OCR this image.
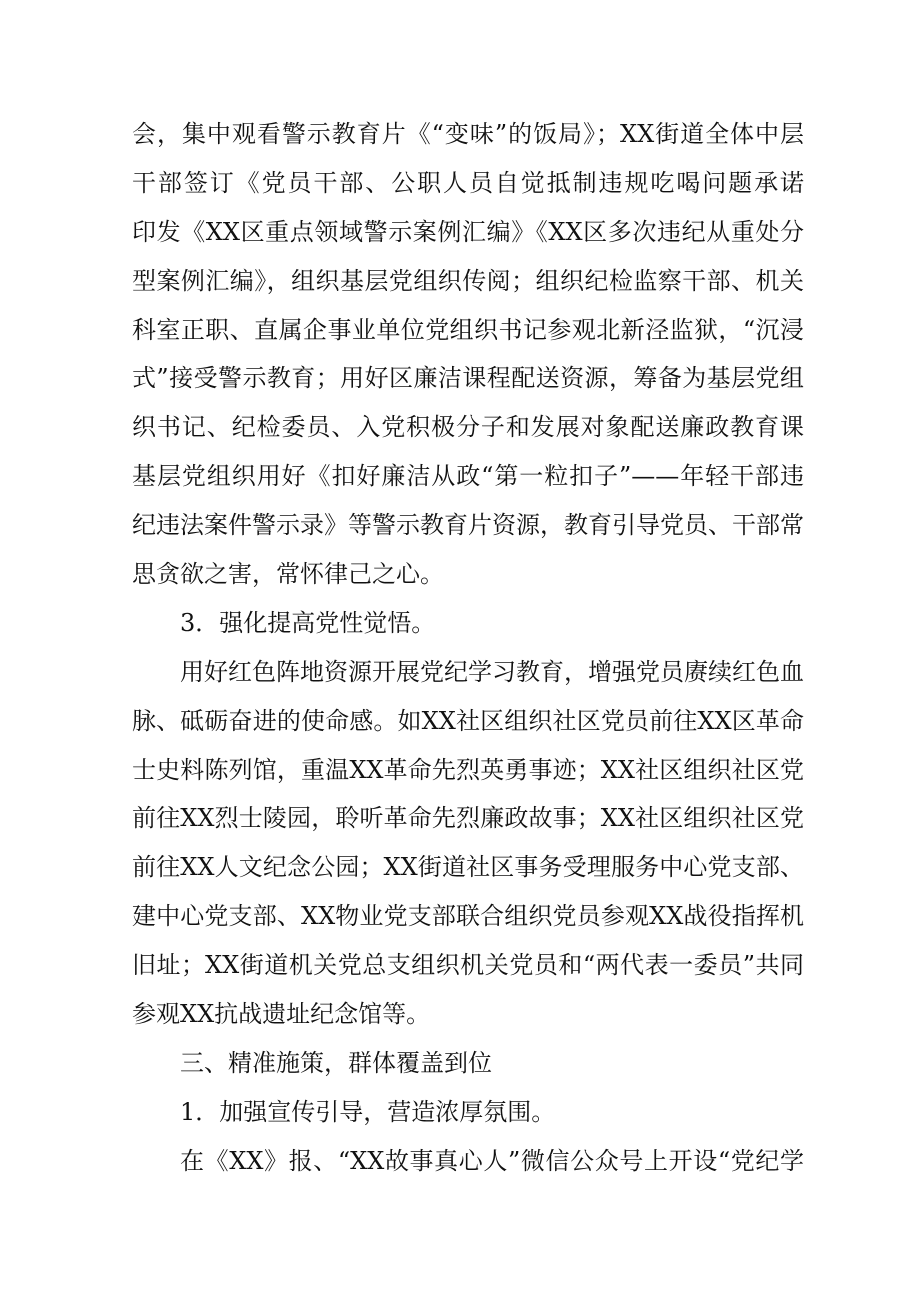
会，集中观看警示教育片《“变味”的饭局》；XX街道全体中层
干部签订《党员干部、公职人员自觉抵制违规吃喝问题承诺
印发《XX区重点领域警示案例汇编》《XX区多次违纪从重处分
型案例汇编》，组织基层党组织传阅；组织纪检监察干部、机关
科室正职、直属企事业单位党组织书记参观北新泾监狱，“沉浸
式”接受警示教育；用好区廉洁课程配送资源，筹备为基层党组
织书记、纪检委员、入党积极分子和发展对象配送廉政教育课
基层党组织用好《扣好廉洁从政“第一粒扣子”——年轻干部违
纪违法案件警示录》等警示教育片资源，教育引导党员、干部常
思贪欲之害，常怀律己之心。
3．强化提高党性觉悟。
用好红色阵地资源开展党纪学习教育，增强党员赓续红色血
脉、砥砺奋进的使命感。如XX社区组织社区党员前往XX区革命
士史料陈列馆，重温XX革命先烈英勇事迹；XX社区组织社区党
前往XX烈士陵园，聆听革命先烈廉政故事；XX社区组织社区党
前往XX人文纪念公园；XX街道社区事务受理服务中心党支部、
建中心党支部、XX物业党支部联合组织党员参观XX战役指挥机
旧址；XX街道机关党总支组织机关党员和“两代表一委员”共同
参观XX抗战遗址纪念馆等。
三、精准施策，群体覆盖到位
1．加强宣传引导，营造浓厚氛围。
在《XX》报、“XX故事真心人”微信公众号上开设“党纪学
